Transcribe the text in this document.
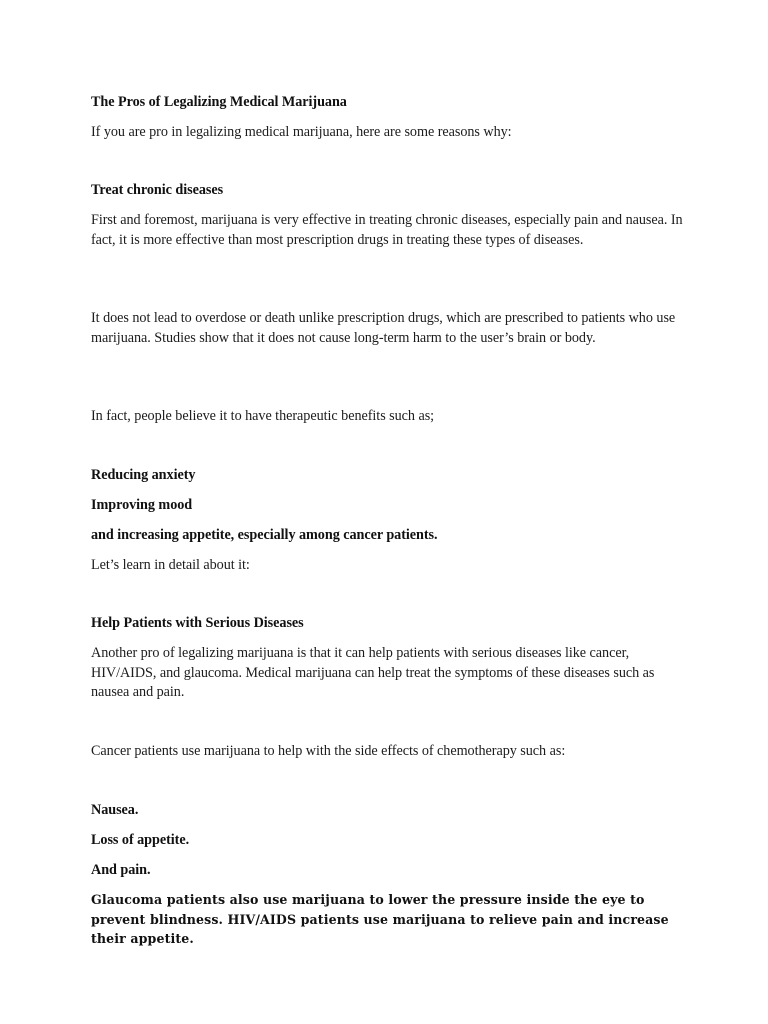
The Pros of Legalizing Medical Marijuana

If you are pro in legalizing medical marijuana, here are some reasons why:

Treat chronic diseases

First and foremost, marijuana is very effective in treating chronic diseases, especially pain and nausea. In fact, it is more effective than most prescription drugs in treating these types of diseases.

It does not lead to overdose or death unlike prescription drugs, which are prescribed to patients who use marijuana. Studies show that it does not cause long-term harm to the user’s brain or body.

In fact, people believe it to have therapeutic benefits such as;

Reducing anxiety

Improving mood

and increasing appetite, especially among cancer patients.

Let’s learn in detail about it:

Help Patients with Serious Diseases

Another pro of legalizing marijuana is that it can help patients with serious diseases like cancer, HIV/AIDS, and glaucoma. Medical marijuana can help treat the symptoms of these diseases such as nausea and pain.

Cancer patients use marijuana to help with the side effects of chemotherapy such as:

Nausea.

Loss of appetite.

And pain.

Glaucoma patients also use marijuana to lower the pressure inside the eye to prevent blindness. HIV/AIDS patients use marijuana to relieve pain and increase their appetite.
